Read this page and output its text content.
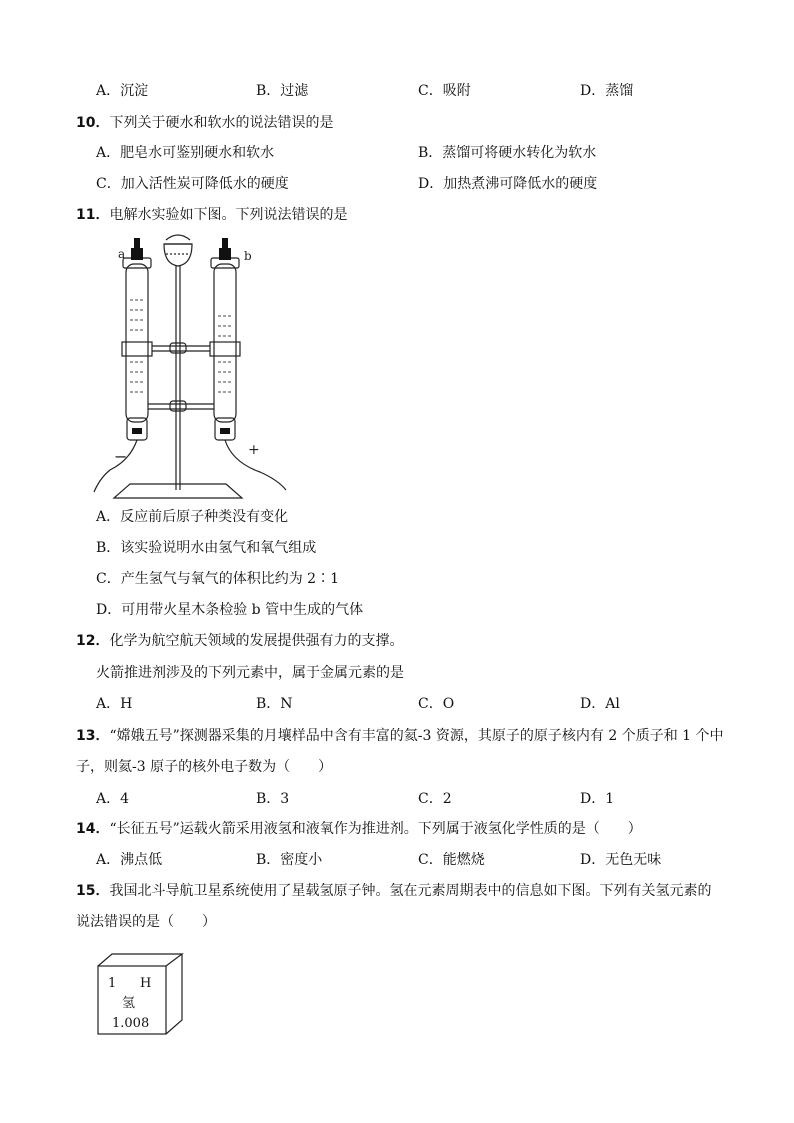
A．沉淀	B．过滤	C．吸附	D．蒸馏
10．下列关于硬水和软水的说法错误的是
A．肥皂水可鉴别硬水和软水	B．蒸馏可将硬水转化为软水
C．加入活性炭可降低水的硬度	D．加热煮沸可降低水的硬度
11．电解水实验如下图。下列说法错误的是
a	b
−	+
A．反应前后原子种类没有变化
B．该实验说明水由氢气和氧气组成
C．产生氢气与氧气的体积比约为 2∶1
D．可用带火星木条检验 b 管中生成的气体
12．化学为航空航天领域的发展提供强有力的支撑。
火箭推进剂涉及的下列元素中，属于金属元素的是
A．H	B．N	C．O	D．Al
13．“嫦娥五号”探测器采集的月壤样品中含有丰富的氦-3 资源，其原子的原子核内有 2 个质子和 1 个中
子，则氦-3 原子的核外电子数为（　　）
A．4	B．3	C．2	D．1
14．“长征五号”运载火箭采用液氢和液氧作为推进剂。下列属于液氢化学性质的是（　　）
A．沸点低	B．密度小	C．能燃烧	D．无色无味
15．我国北斗导航卫星系统使用了星载氢原子钟。氢在元素周期表中的信息如下图。下列有关氢元素的
说法错误的是（　　）
1 H
氢
1.008
